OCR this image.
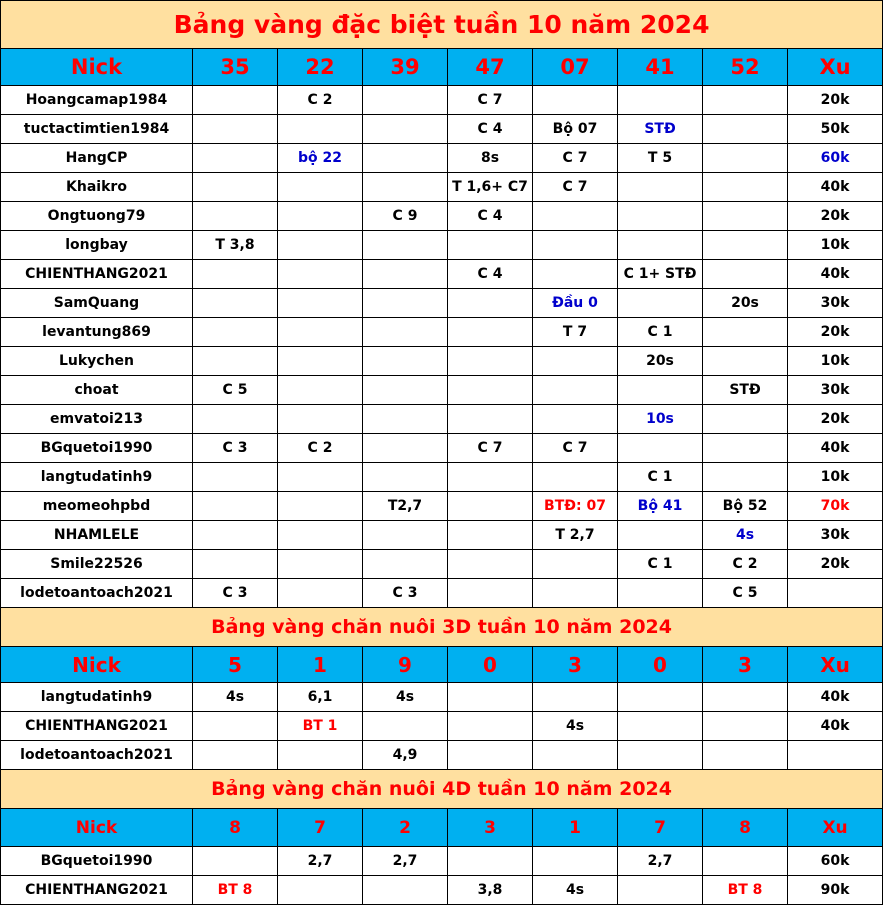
Bảng vàng đặc biệt tuần 10 năm 2024								
Nick	35	22	39	47	07	41	52	Xu
Hoangcamap1984		C 2		C 7				20k
tuctactimtien1984				C 4	Bộ 07	STĐ		50k
HangCP		bộ 22		8s	C 7	T 5		60k
Khaikro				T 1,6+ C7	C 7			40k
Ongtuong79			C 9	C 4				20k
longbay	T 3,8							10k
CHIENTHANG2021				C 4		C 1+ STĐ		40k
SamQuang					Đầu 0		20s	30k
levantung869					T 7	C 1		20k
Lukychen						20s		10k
choat	C 5						STĐ	30k
emvatoi213						10s		20k
BGquetoi1990	C 3	C 2		C 7	C 7			40k
langtudatinh9						C 1		10k
meomeohpbd			T2,7		BTĐ: 07	Bộ 41	Bộ 52	70k
NHAMLELE					T 2,7		4s	30k
Smile22526						C 1	C 2	20k
lodetoantoach2021	C 3		C 3				C 5	
Bảng vàng chăn nuôi 3D tuần 10 năm 2024								
Nick	5	1	9	0	3	0	3	Xu
langtudatinh9	4s	6,1	4s					40k
CHIENTHANG2021		BT 1			4s			40k
lodetoantoach2021			4,9					
Bảng vàng chăn nuôi 4D tuần 10 năm 2024								
Nick	8	7	2	3	1	7	8	Xu
BGquetoi1990		2,7	2,7			2,7		60k
CHIENTHANG2021	BT 8			3,8	4s		BT 8	90k
